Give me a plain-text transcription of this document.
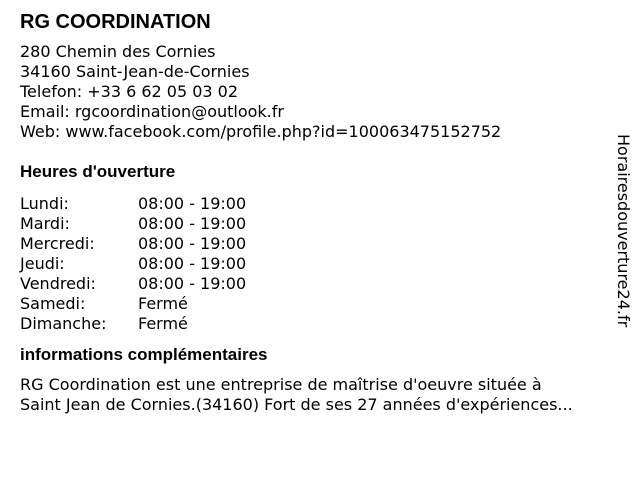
RG COORDINATION
280 Chemin des Cornies
34160 Saint-Jean-de-Cornies
Telefon: +33 6 62 05 03 02
Email: rgcoordination@outlook.fr
Web: www.facebook.com/profile.php?id=100063475152752
Heures d'ouverture
Lundi:	08:00 - 19:00
Mardi:	08:00 - 19:00
Mercredi:	08:00 - 19:00
Jeudi:	08:00 - 19:00
Vendredi:	08:00 - 19:00
Samedi:	Fermé
Dimanche:	Fermé
informations complémentaires
RG Coordination est une entreprise de maîtrise d'oeuvre située à
Saint Jean de Cornies.(34160) Fort de ses 27 années d'expériences...
Horairesdouverture24.fr
